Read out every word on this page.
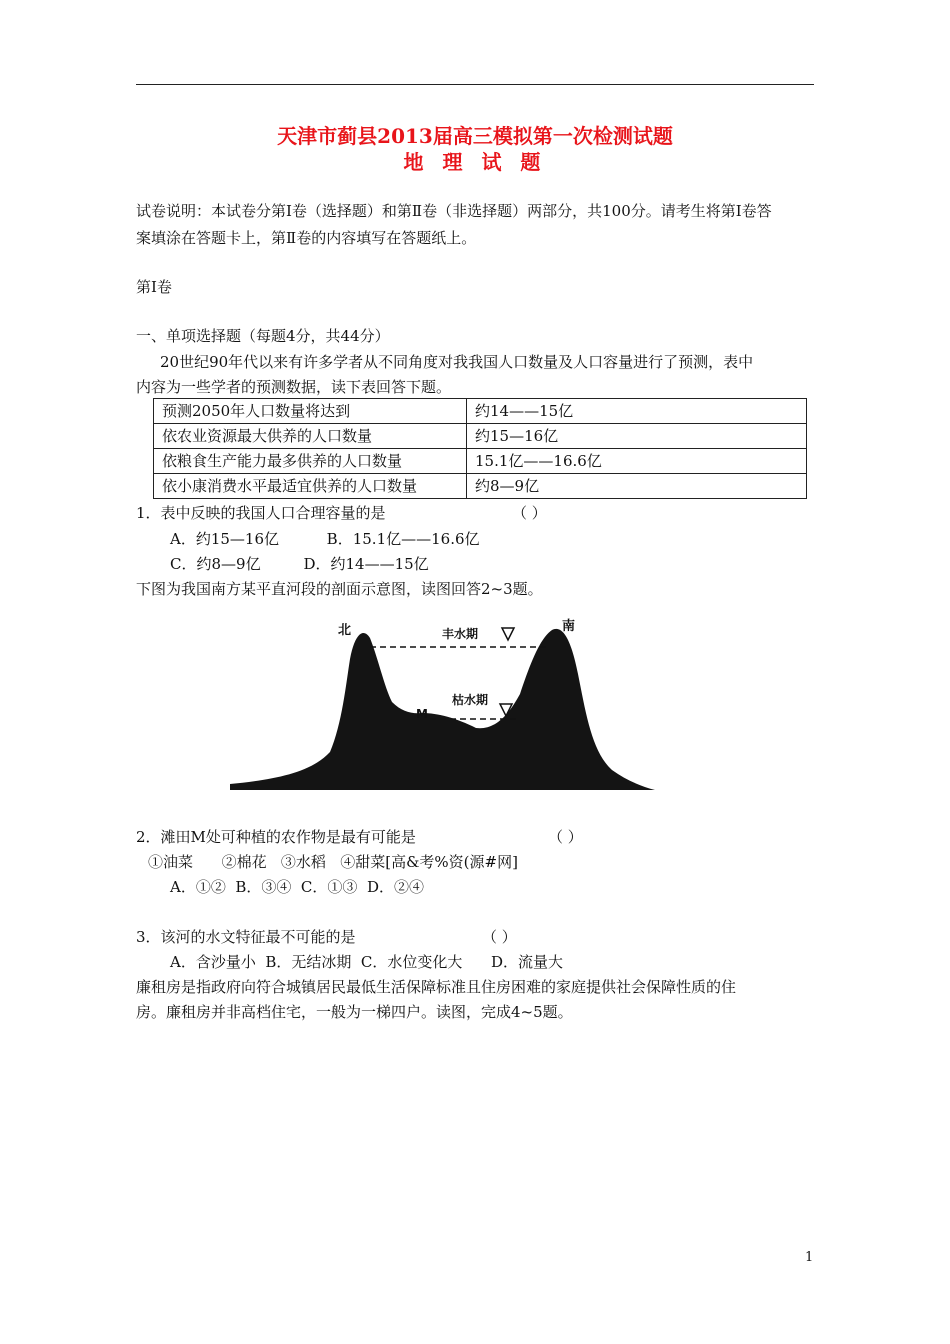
天津市蓟县2013届高三模拟第一次检测试题
地 理 试 题
试卷说明：本试卷分第Ⅰ卷（选择题）和第Ⅱ卷（非选择题）两部分，共100分。请考生将第Ⅰ卷答
案填涂在答题卡上，第Ⅱ卷的内容填写在答题纸上。
第Ⅰ卷
一、单项选择题（每题4分，共44分）
20世纪90年代以来有许多学者从不同角度对我我国人口数量及人口容量进行了预测，表中
内容为一些学者的预测数据，读下表回答下题。
预测2050年人口数量将达到	约14——15亿
依农业资源最大供养的人口数量	约15—16亿
依粮食生产能力最多供养的人口数量	15.1亿——16.6亿
依小康消费水平最适宜供养的人口数量	约8—9亿
1．表中反映的我国人口合理容量的是	（ ）
A．约15—16亿          B．15.1亿——16.6亿
C．约8—9亿         D．约14——15亿
下图为我国南方某平直河段的剖面示意图，读图回答2~3题。
北	南
丰水期
枯水期
M
2．滩田M处可种植的农作物是最有可能是	（ ）
①油菜      ②棉花   ③水稻   ④甜菜[高&考%资(源#网]
A．①②  B．③④  C．①③  D．②④
3．该河的水文特征最不可能的是	（ ）
A．含沙量小  B．无结冰期  C．水位变化大      D．流量大
廉租房是指政府向符合城镇居民最低生活保障标准且住房困难的家庭提供社会保障性质的住
房。廉租房并非高档住宅，一般为一梯四户。读图，完成4~5题。
1
